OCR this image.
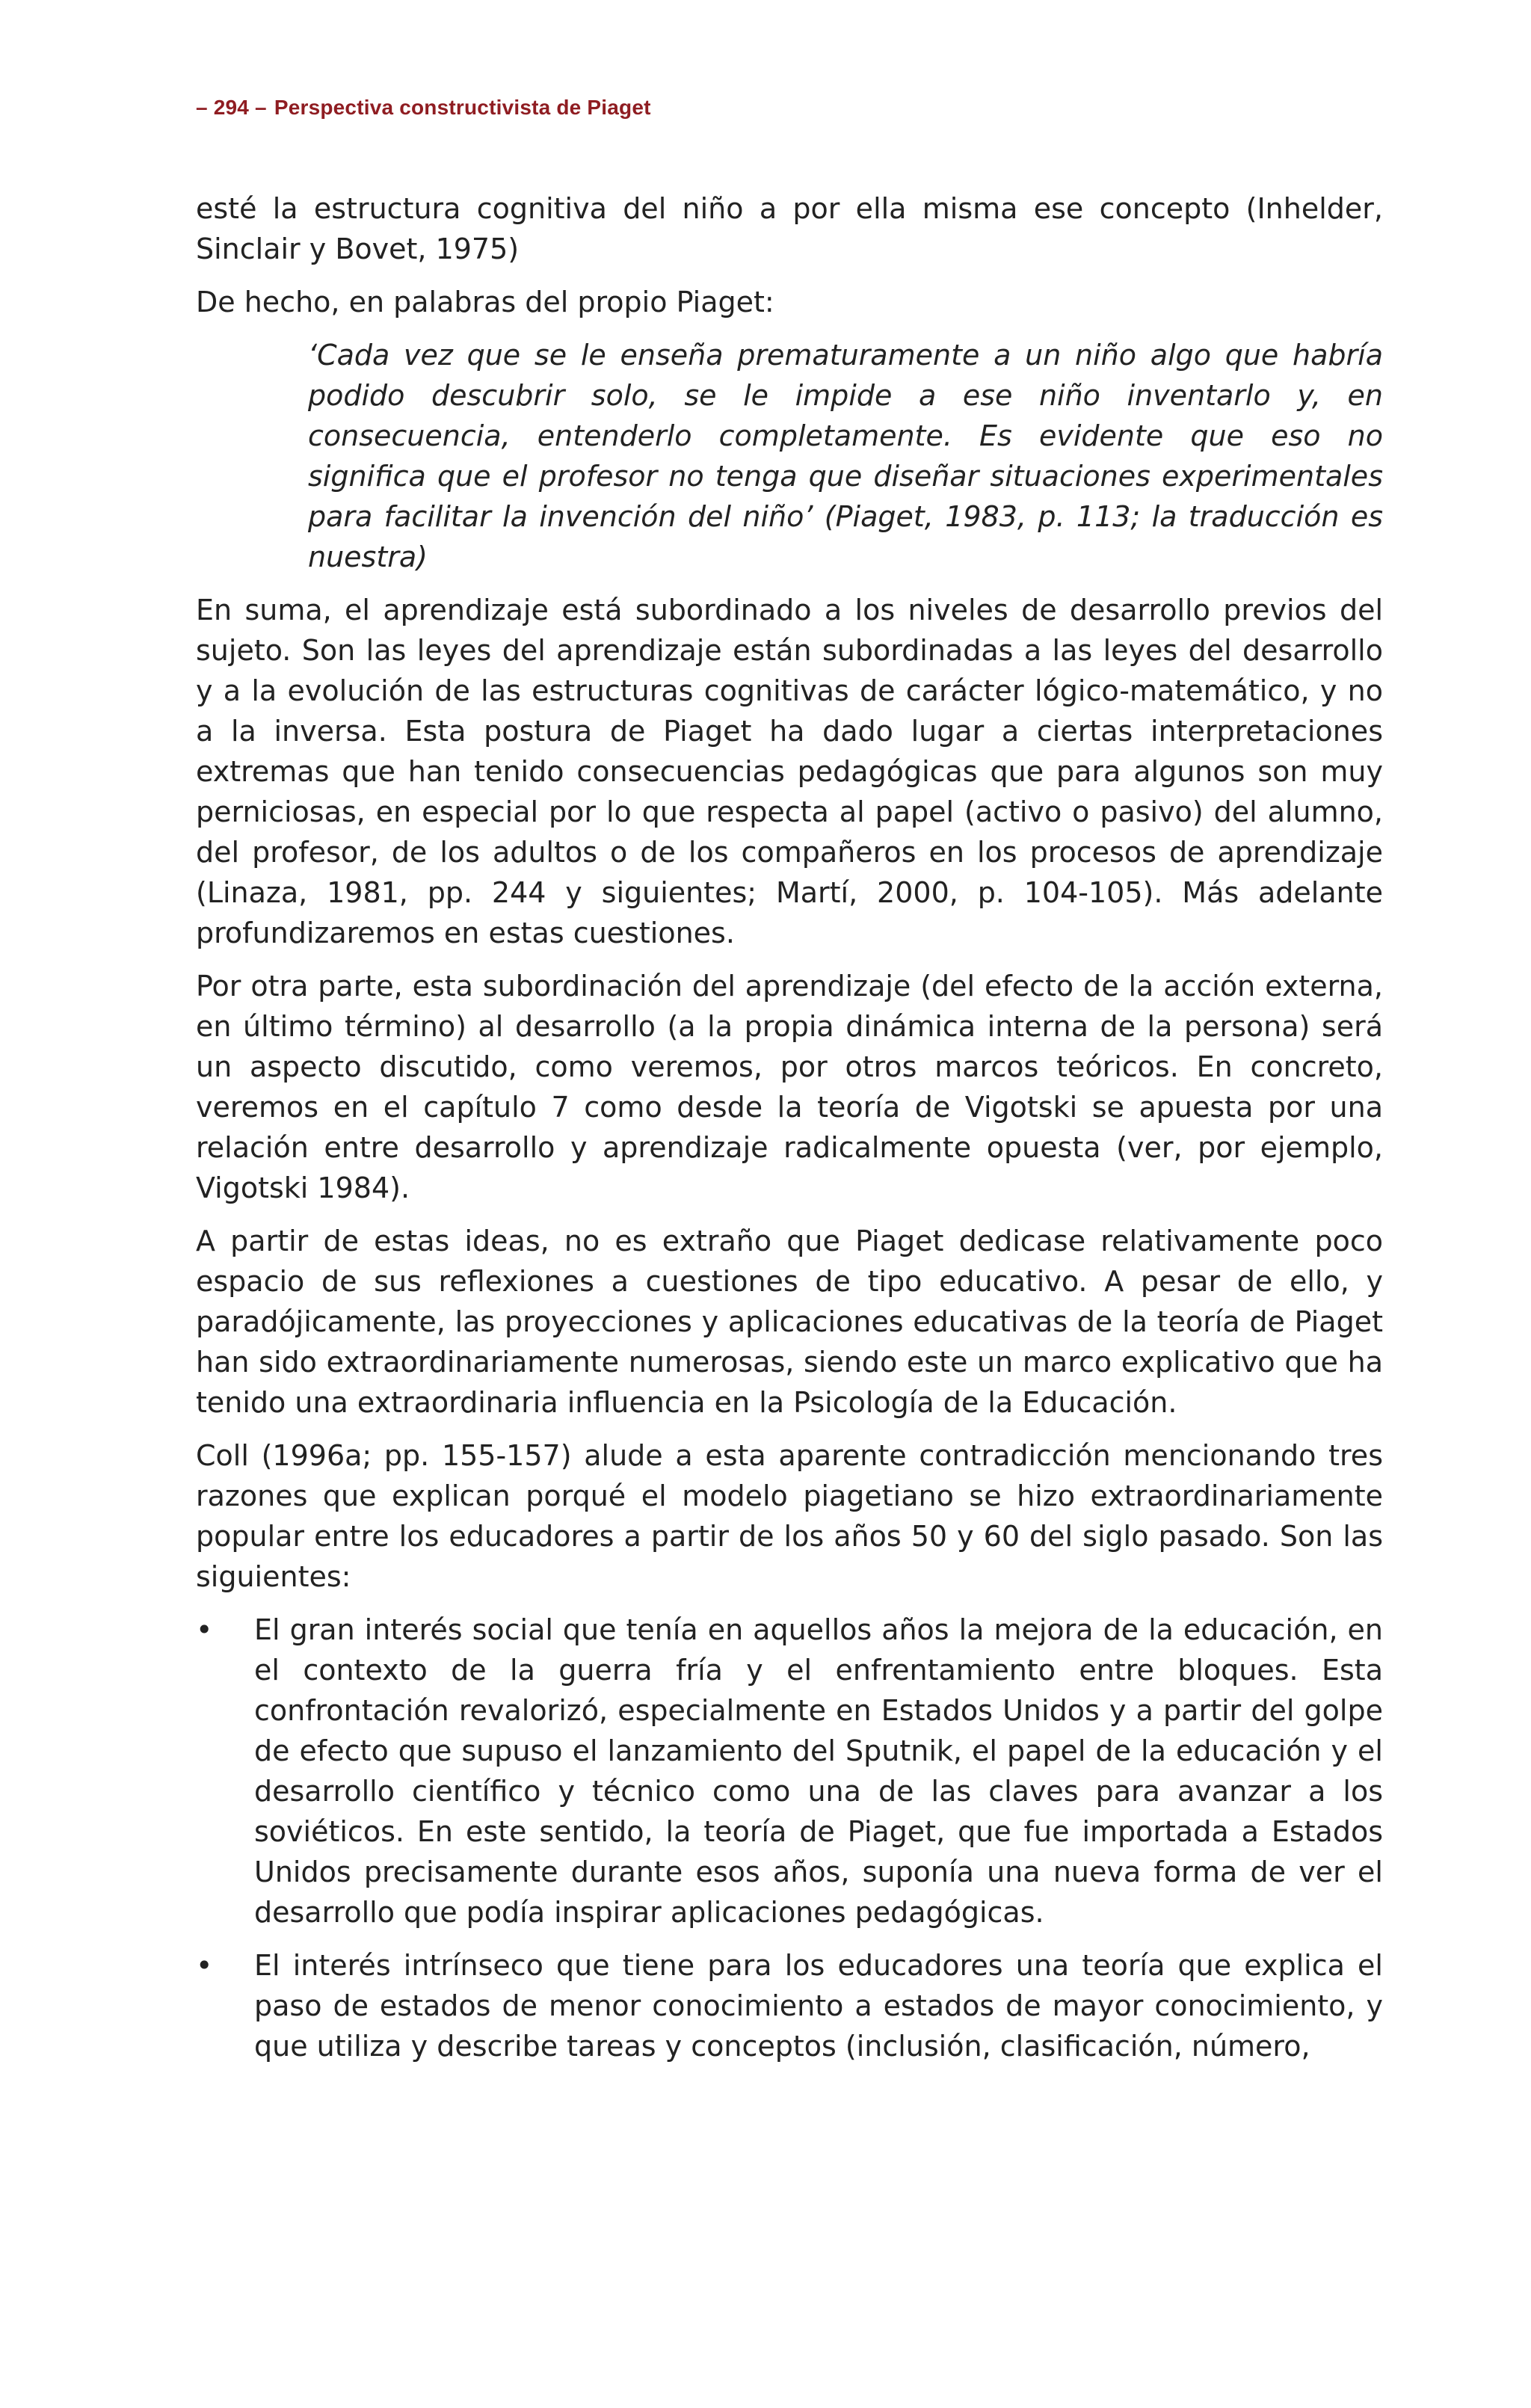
– 294 – Perspectiva constructivista de Piaget

esté la estructura cognitiva del niño a por ella misma ese concepto (Inhelder, Sinclair y Bovet, 1975)

De hecho, en palabras del propio Piaget:

‘Cada vez que se le enseña prematuramente a un niño algo que habría podido descubrir solo, se le impide a ese niño inventarlo y, en consecuencia, entenderlo completamente. Es evidente que eso no significa que el profesor no tenga que diseñar situaciones experimentales para facilitar la invención del niño’ (Piaget, 1983, p. 113; la traducción es nuestra)

En suma, el aprendizaje está subordinado a los niveles de desarrollo previos del sujeto. Son las leyes del aprendizaje están subordinadas a las leyes del desarrollo y a la evolución de las estructuras cognitivas de carácter lógico-matemático, y no a la inversa. Esta postura de Piaget ha dado lugar a ciertas interpretaciones extremas que han tenido consecuencias pedagógicas que para algunos son muy perniciosas, en especial por lo que respecta al papel (activo o pasivo) del alumno, del profesor, de los adultos o de los compañeros en los procesos de aprendizaje (Linaza, 1981, pp. 244 y siguientes; Martí, 2000, p. 104-105). Más adelante profundizaremos en estas cuestiones.

Por otra parte, esta subordinación del aprendizaje (del efecto de la acción externa, en último término) al desarrollo (a la propia dinámica interna de la persona) será un aspecto discutido, como veremos, por otros marcos teóricos. En concreto, veremos en el capítulo 7 como desde la teoría de Vigotski se apuesta por una relación entre desarrollo y aprendizaje radicalmente opuesta (ver, por ejemplo, Vigotski 1984).

A partir de estas ideas, no es extraño que Piaget dedicase relativamente poco espacio de sus reflexiones a cuestiones de tipo educativo. A pesar de ello, y paradójicamente, las proyecciones y aplicaciones educativas de la teoría de Piaget han sido extraordinariamente numerosas, siendo este un marco explicativo que ha tenido una extraordinaria influencia en la Psicología de la Educación.

Coll (1996a; pp. 155-157) alude a esta aparente contradicción mencionando tres razones que explican porqué el modelo piagetiano se hizo extraordinariamente popular entre los educadores a partir de los años 50 y 60 del siglo pasado. Son las siguientes:

•	El gran interés social que tenía en aquellos años la mejora de la educación, en el contexto de la guerra fría y el enfrentamiento entre bloques. Esta confrontación revalorizó, especialmente en Estados Unidos y a partir del golpe de efecto que supuso el lanzamiento del Sputnik, el papel de la educación y el desarrollo científico y técnico como una de las claves para avanzar a los soviéticos. En este sentido, la teoría de Piaget, que fue importada a Estados Unidos precisamente durante esos años, suponía una nueva forma de ver el desarrollo que podía inspirar aplicaciones pedagógicas.
•	El interés intrínseco que tiene para los educadores una teoría que explica el paso de estados de menor conocimiento a estados de mayor conocimiento, y que utiliza y describe tareas y conceptos (inclusión, clasificación, número,
